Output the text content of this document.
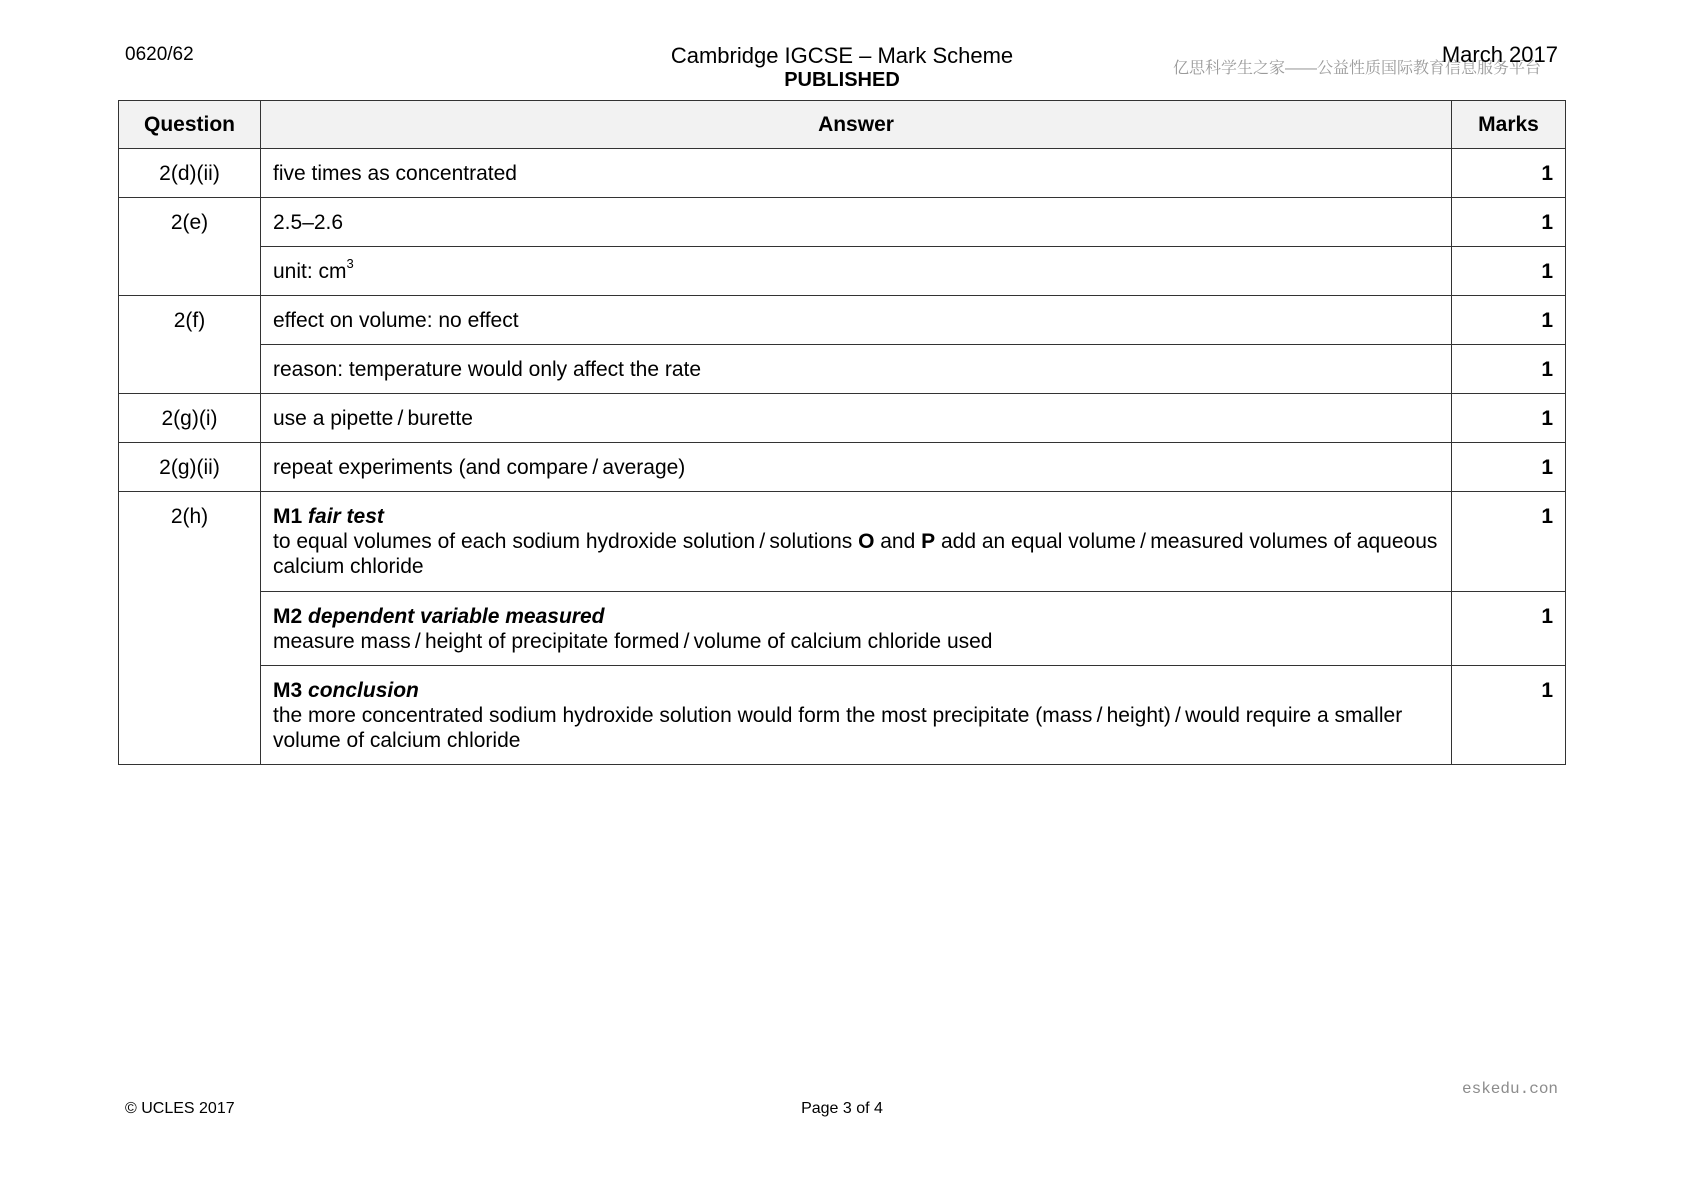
0620/62	Cambridge IGCSE – Mark Scheme
PUBLISHED
亿思科学生之家——公益性质国际教育信息服务平台
March 2017
Question	Answer	Marks
2(d)(ii)	five times as concentrated	1
2(e)	2.5–2.6	1
	unit: $cm^3$	1
2(f)	effect on volume: no effect	1
	reason: temperature would only affect the rate	1
2(g)(i)	use a pipette / burette	1
2(g)(ii)	repeat experiments (and compare / average)	1
2(h)	M1 fair test
to equal volumes of each sodium hydroxide solution / solutions O and P add an equal volume / measured volumes of aqueous calcium chloride	1

	M2 dependent variable measured
measure mass / height of precipitate formed / volume of calcium chloride used	1

	M3 conclusion
the more concentrated sodium hydroxide solution would form the most precipitate (mass / height) / would require a smaller volume of calcium chloride	1
eskedu.con
© UCLES 2017	Page 3 of 4
